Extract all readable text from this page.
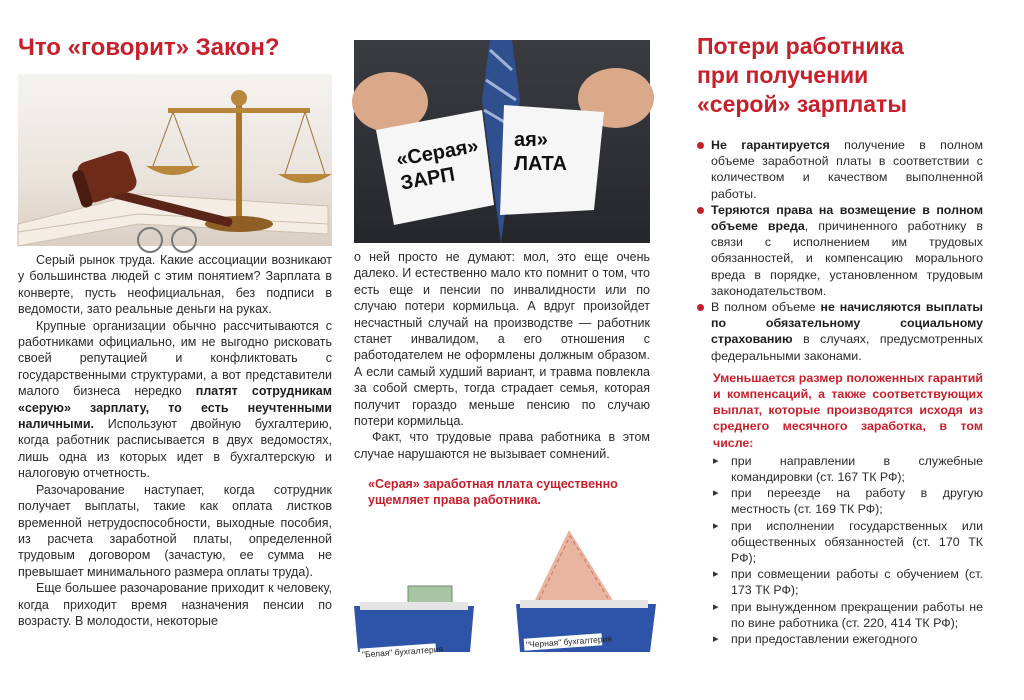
Что «говорит» Закон?

Серый рынок труда. Какие ассоциации возникают у большинства людей с этим понятием? Зарплата в конверте, пусть неофициальная, без подписи в ведомости, зато реальные деньги на руках.

Крупные организации обычно рассчитываются с работниками официально, им не выгодно рисковать своей репутацией и конфликтовать с государственными структурами, а вот представители малого бизнеса нередко платят сотрудникам «серую» зарплату, то есть неучтенными наличными. Используют двойную бухгалтерию, когда работник расписывается в двух ведомостях, лишь одна из которых идет в бухгалтерскую и налоговую отчетность.

Разочарование наступает, когда сотрудник получает выплаты, такие как оплата листков временной нетрудоспособности, выходные пособия, из расчета заработной платы, определенной трудовым договором (зачастую, ее сумма не превышает минимального размера оплаты труда).

Еще большее разочарование приходит к человеку, когда приходит время назначения пенсии по возрасту. В молодости, некоторые

«Серая» ЗАРП
ая» ЛАТА

о ней просто не думают: мол, это еще очень далеко. И естественно мало кто помнит о том, что есть еще и пенсии по инвалидности или по случаю потери кормильца. А вдруг произойдет несчастный случай на производстве — работник станет инвалидом, а его отношения с работодателем не оформлены должным образом. А если самый худший вариант, и травма повлекла за собой смерть, тогда страдает семья, которая получит гораздо меньше пенсию по случаю потери кормильца.

Факт, что трудовые права работника в этом случае нарушаются не вызывает сомнений.

«Серая» заработная плата существенно ущемляет права работника.
"Белая" бухгалтерия
"Черная" бухгалтерия
Потери работника при получении «серой» зарплаты
Не гарантируется получение в полном объеме заработной платы в соответствии с количеством и качеством выполненной работы.
Теряются права на возмещение в полном объеме вреда, причиненного работнику в связи с исполнением им трудовых обязанностей, и компенсацию морального вреда в порядке, установленном трудовым законодательством.
В полном объеме не начисляются выплаты по обязательному социальному страхованию в случаях, предусмотренных федеральными законами.
Уменьшается размер положенных гарантий и компенсаций, а также соответствующих выплат, которые производятся исходя из среднего месячного заработка, в том числе:
▸ при направлении в служебные командировки (ст. 167 ТК РФ);
▸ при переезде на работу в другую местность (ст. 169 ТК РФ);
▸ при исполнении государственных или общественных обязанностей (ст. 170 ТК РФ);
▸ при совмещении работы с обучением (ст. 173 ТК РФ);
▸ при вынужденном прекращении работы не по вине работника (ст. 220, 414 ТК РФ);
▸ при предоставлении ежегодного
